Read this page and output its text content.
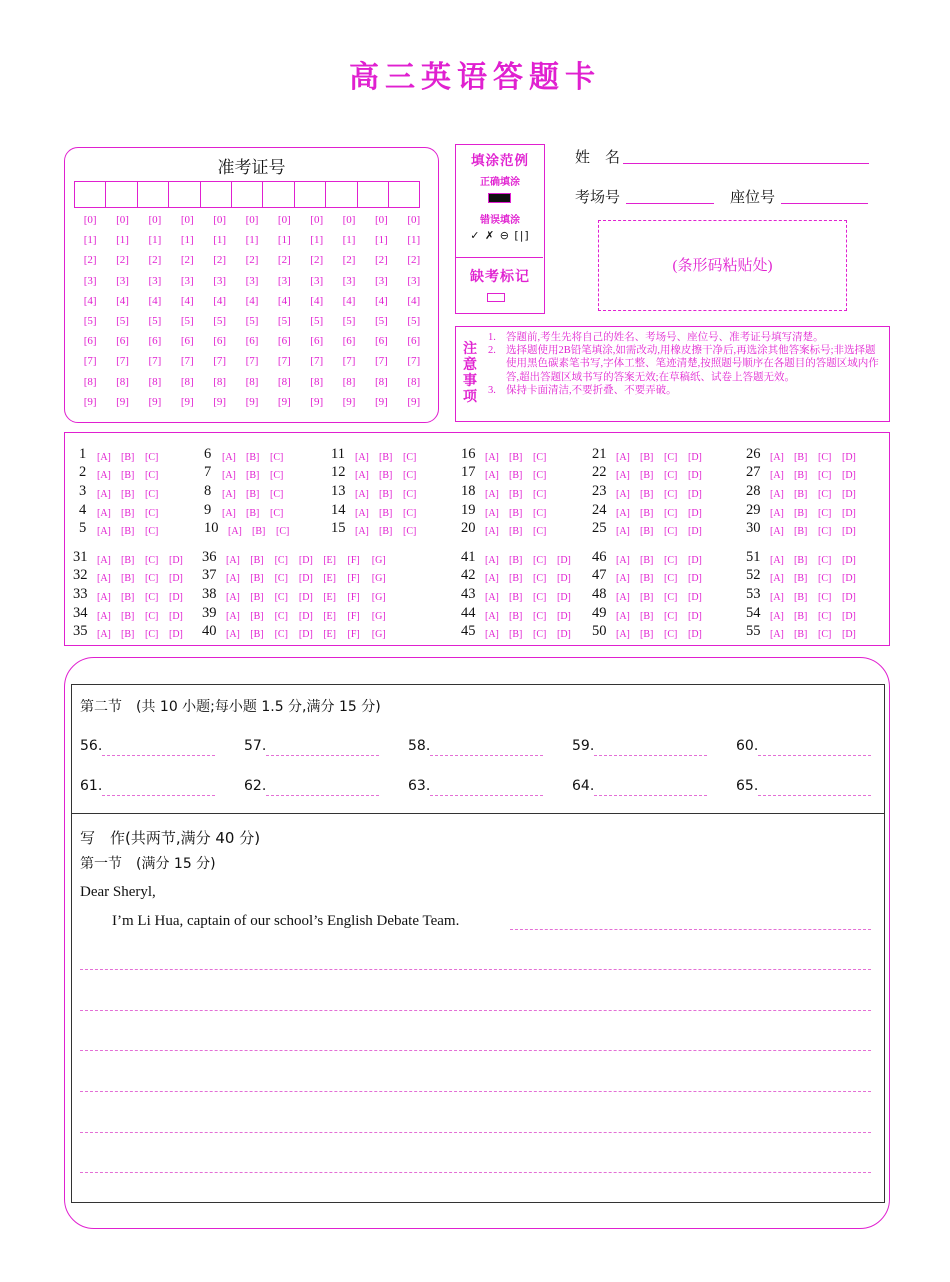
高三英语答题卡
准考证号
[0]	[0]	[0]	[0]	[0]	[0]	[0]	[0]	[0]	[0]	[0]
[1]	[1]	[1]	[1]	[1]	[1]	[1]	[1]	[1]	[1]	[1]
[2]	[2]	[2]	[2]	[2]	[2]	[2]	[2]	[2]	[2]	[2]
[3]	[3]	[3]	[3]	[3]	[3]	[3]	[3]	[3]	[3]	[3]
[4]	[4]	[4]	[4]	[4]	[4]	[4]	[4]	[4]	[4]	[4]
[5]	[5]	[5]	[5]	[5]	[5]	[5]	[5]	[5]	[5]	[5]
[6]	[6]	[6]	[6]	[6]	[6]	[6]	[6]	[6]	[6]	[6]
[7]	[7]	[7]	[7]	[7]	[7]	[7]	[7]	[7]	[7]	[7]
[8]	[8]	[8]	[8]	[8]	[8]	[8]	[8]	[8]	[8]	[8]
[9]	[9]	[9]	[9]	[9]	[9]	[9]	[9]	[9]	[9]	[9]
填涂范例
正确填涂
错误填涂
✓ ✗ ⊖ [|]
缺考标记
姓　名
考场号	座位号
(条形码粘贴处)
注意事项
1. 答题前,考生先将自己的姓名、考场号、座位号、准考证号填写清楚。
2. 选择题使用2B铅笔填涂,如需改动,用橡皮擦干净后,再选涂其他答案标号;非选择题使用黑色碳素笔书写,字体工整、笔迹清楚,按照题号顺序在各题目的答题区域内作答,超出答题区域书写的答案无效;在草稿纸、试卷上答题无效。
3. 保持卡面清洁,不要折叠、不要弄破。
1	[A]	[B]	[C]
2	[A]	[B]	[C]
3	[A]	[B]	[C]
4	[A]	[B]	[C]
5	[A]	[B]	[C]
6	[A]	[B]	[C]
7	[A]	[B]	[C]
8	[A]	[B]	[C]
9	[A]	[B]	[C]
10 [A]	[B]	[C]
11	[A]	[B]	[C]
12 [A]	[B]	[C]
13 [A]	[B]	[C]
14 [A]	[B]	[C]
15 [A]	[B]	[C]
16 [A]	[B]	[C]
17 [A]	[B]	[C]
18 [A]	[B]	[C]
19 [A]	[B]	[C]
20 [A]	[B]	[C]
21 [A]	[B]	[C]	[D]
22 [A]	[B]	[C]	[D]
23 [A]	[B]	[C]	[D]
24 [A]	[B]	[C]	[D]
25 [A]	[B]	[C]	[D]
26 [A]	[B]	[C]	[D]
27 [A]	[B]	[C]	[D]
28 [A]	[B]	[C]	[D]
29 [A]	[B]	[C]	[D]
30 [A]	[B]	[C]	[D]
31 [A]	[B]	[C]	[D]
32 [A]	[B]	[C]	[D]
33 [A]	[B]	[C]	[D]
34 [A]	[B]	[C]	[D]
35 [A]	[B]	[C]	[D]
36 [A]	[B]	[C]	[D]	[E]	[F]	[G]
37 [A]	[B]	[C]	[D]	[E]	[F]	[G]
38 [A]	[B]	[C]	[D]	[E]	[F]	[G]
39 [A]	[B]	[C]	[D]	[E]	[F]	[G]
40 [A]	[B]	[C]	[D]	[E]	[F]	[G]
41 [A]	[B]	[C]	[D]
42 [A]	[B]	[C]	[D]
43 [A]	[B]	[C]	[D]
44 [A]	[B]	[C]	[D]
45 [A]	[B]	[C]	[D]
46 [A]	[B]	[C]	[D]
47 [A]	[B]	[C]	[D]
48 [A]	[B]	[C]	[D]
49 [A]	[B]	[C]	[D]
50 [A]	[B]	[C]	[D]
51 [A]	[B]	[C]	[D]
52 [A]	[B]	[C]	[D]
53 [A]	[B]	[C]	[D]
54 [A]	[B]	[C]	[D]
55 [A]	[B]	[C]	[D]
第二节　(共 10 小题;每小题 1.5 分,满分 15 分)
56.	57.	58.	59.	60.
61.	62.	63.	64.	65.
写　作(共两节,满分 40 分)
第一节　(满分 15 分)
Dear Sheryl,
I’m Li Hua, captain of our school’s English Debate Team.
